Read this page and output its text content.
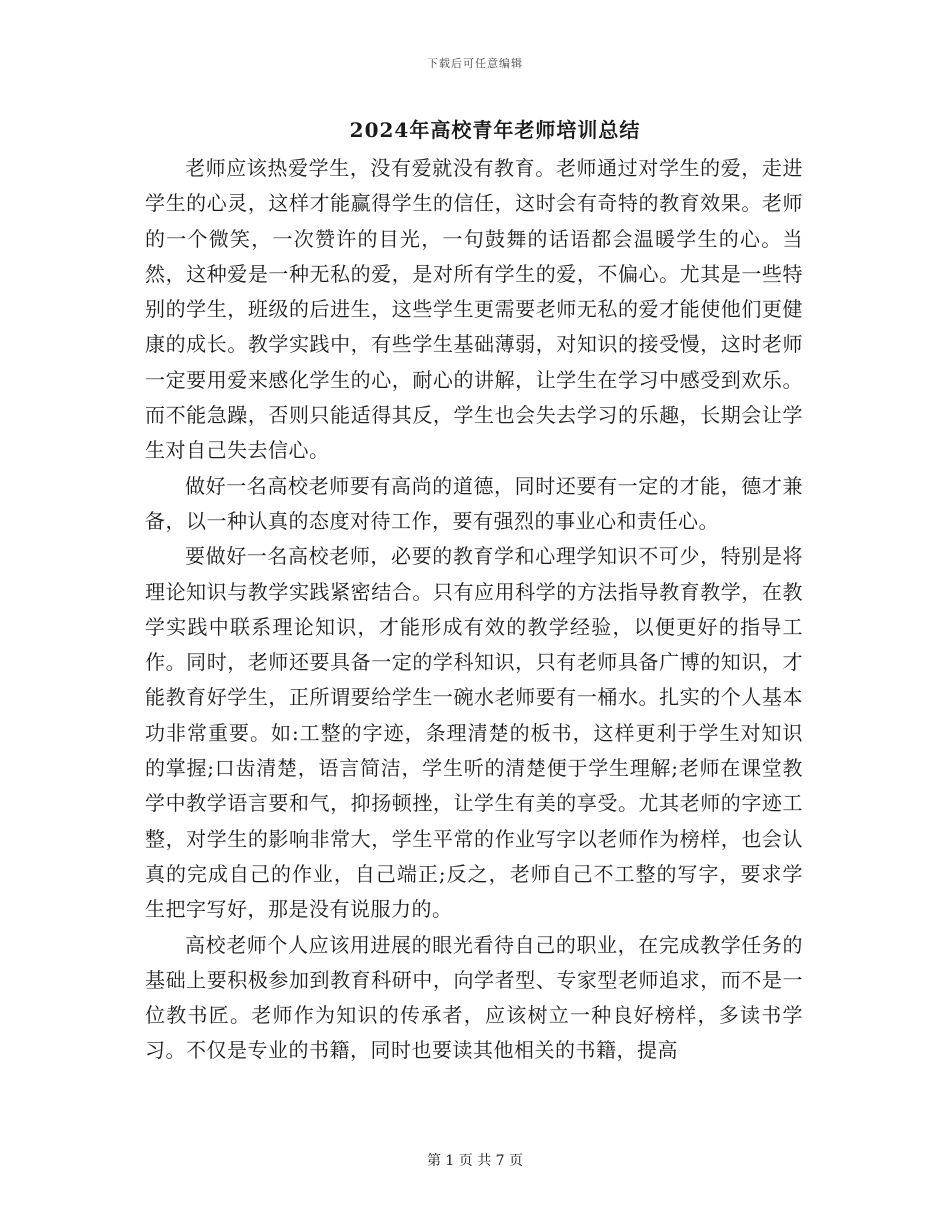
下载后可任意编辑
2024年高校青年老师培训总结

老师应该热爱学生，没有爱就没有教育。老师通过对学生的爱，走进学生的心灵，这样才能赢得学生的信任，这时会有奇特的教育效果。老师的一个微笑，一次赞许的目光，一句鼓舞的话语都会温暖学生的心。当然，这种爱是一种无私的爱，是对所有学生的爱，不偏心。尤其是一些特别的学生，班级的后进生，这些学生更需要老师无私的爱才能使他们更健康的成长。教学实践中，有些学生基础薄弱，对知识的接受慢，这时老师一定要用爱来感化学生的心，耐心的讲解，让学生在学习中感受到欢乐。而不能急躁，否则只能适得其反，学生也会失去学习的乐趣，长期会让学生对自己失去信心。

做好一名高校老师要有高尚的道德，同时还要有一定的才能，德才兼备，以一种认真的态度对待工作，要有强烈的事业心和责任心。

要做好一名高校老师，必要的教育学和心理学知识不可少，特别是将理论知识与教学实践紧密结合。只有应用科学的方法指导教育教学，在教学实践中联系理论知识，才能形成有效的教学经验，以便更好的指导工作。同时，老师还要具备一定的学科知识，只有老师具备广博的知识，才能教育好学生，正所谓要给学生一碗水老师要有一桶水。扎实的个人基本功非常重要。如:工整的字迹，条理清楚的板书，这样更利于学生对知识的掌握;口齿清楚，语言简洁，学生听的清楚便于学生理解;老师在课堂教学中教学语言要和气，抑扬顿挫，让学生有美的享受。尤其老师的字迹工整，对学生的影响非常大，学生平常的作业写字以老师作为榜样，也会认真的完成自己的作业，自己端正;反之，老师自己不工整的写字，要求学生把字写好，那是没有说服力的。

高校老师个人应该用进展的眼光看待自己的职业，在完成教学任务的基础上要积极参加到教育科研中，向学者型、专家型老师追求，而不是一位教书匠。老师作为知识的传承者，应该树立一种良好榜样，多读书学习。不仅是专业的书籍，同时也要读其他相关的书籍，提高

第 1 页 共 7 页
